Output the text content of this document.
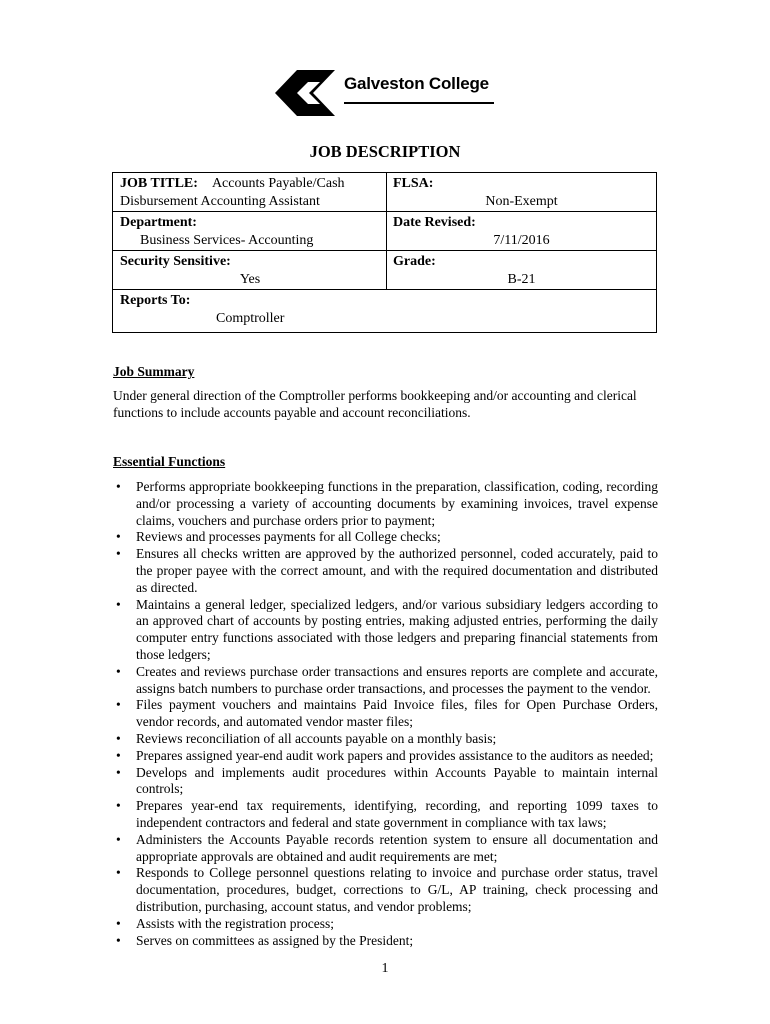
Galveston College
JOB DESCRIPTION
JOB TITLE: Accounts Payable/Cash
Disbursement Accounting Assistant
FLSA:
Non-Exempt
Department:
Business Services- Accounting
Date Revised:
7/11/2016
Security Sensitive:
Yes
Grade:
B-21
Reports To:
Comptroller
Job Summary
Under general direction of the Comptroller performs bookkeeping and/or accounting and clerical functions to include accounts payable and account reconciliations.
Essential Functions
• Performs appropriate bookkeeping functions in the preparation, classification, coding, recording and/or processing a variety of accounting documents by examining invoices, travel expense claims, vouchers and purchase orders prior to payment;
• Reviews and processes payments for all College checks;
• Ensures all checks written are approved by the authorized personnel, coded accurately, paid to the proper payee with the correct amount, and with the required documentation and distributed as directed.
• Maintains a general ledger, specialized ledgers, and/or various subsidiary ledgers according to an approved chart of accounts by posting entries, making adjusted entries, performing the daily computer entry functions associated with those ledgers and preparing financial statements from those ledgers;
• Creates and reviews purchase order transactions and ensures reports are complete and accurate, assigns batch numbers to purchase order transactions, and processes the payment to the vendor.
• Files payment vouchers and maintains Paid Invoice files, files for Open Purchase Orders, vendor records, and automated vendor master files;
• Reviews reconciliation of all accounts payable on a monthly basis;
• Prepares assigned year-end audit work papers and provides assistance to the auditors as needed;
• Develops and implements audit procedures within Accounts Payable to maintain internal controls;
• Prepares year-end tax requirements, identifying, recording, and reporting 1099 taxes to independent contractors and federal and state government in compliance with tax laws;
• Administers the Accounts Payable records retention system to ensure all documentation and appropriate approvals are obtained and audit requirements are met;
• Responds to College personnel questions relating to invoice and purchase order status, travel documentation, procedures, budget, corrections to G/L, AP training, check processing and distribution, purchasing, account status, and vendor problems;
• Assists with the registration process;
• Serves on committees as assigned by the President;
1
